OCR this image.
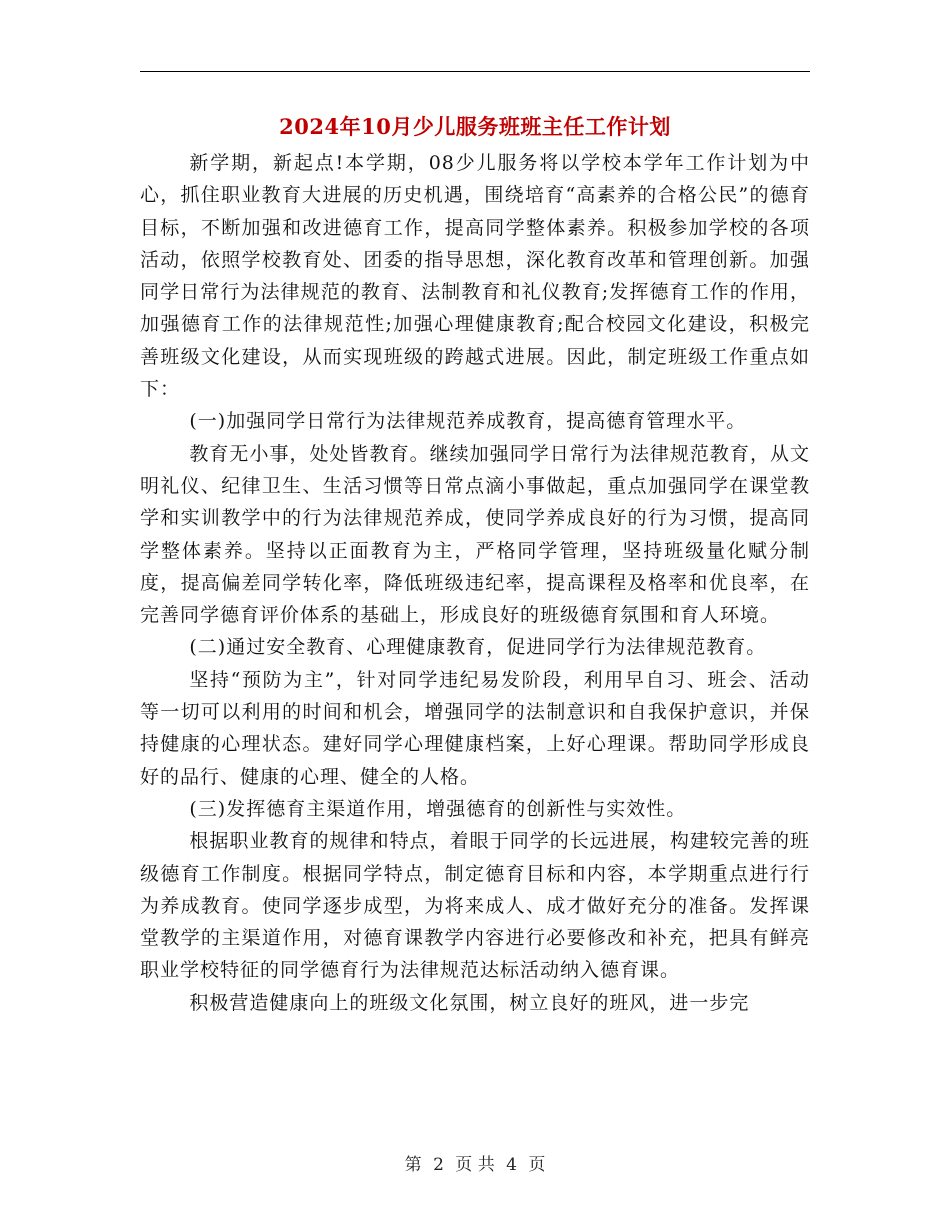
2024年10月少儿服务班班主任工作计划

新学期，新起点!本学期，08少儿服务将以学校本学年工作计划为中心，抓住职业教育大进展的历史机遇，围绕培育“高素养的合格公民”的德育目标，不断加强和改进德育工作，提高同学整体素养。积极参加学校的各项活动，依照学校教育处、团委的指导思想，深化教育改革和管理创新。加强同学日常行为法律规范的教育、法制教育和礼仪教育;发挥德育工作的作用，加强德育工作的法律规范性;加强心理健康教育;配合校园文化建设，积极完善班级文化建设，从而实现班级的跨越式进展。因此，制定班级工作重点如下：

(一)加强同学日常行为法律规范养成教育，提高德育管理水平。

教育无小事，处处皆教育。继续加强同学日常行为法律规范教育，从文明礼仪、纪律卫生、生活习惯等日常点滴小事做起，重点加强同学在课堂教学和实训教学中的行为法律规范养成，使同学养成良好的行为习惯，提高同学整体素养。坚持以正面教育为主，严格同学管理，坚持班级量化赋分制度，提高偏差同学转化率，降低班级违纪率，提高课程及格率和优良率，在完善同学德育评价体系的基础上，形成良好的班级德育氛围和育人环境。

(二)通过安全教育、心理健康教育，促进同学行为法律规范教育。

坚持“预防为主”，针对同学违纪易发阶段，利用早自习、班会、活动等一切可以利用的时间和机会，增强同学的法制意识和自我保护意识，并保持健康的心理状态。建好同学心理健康档案，上好心理课。帮助同学形成良好的品行、健康的心理、健全的人格。

(三)发挥德育主渠道作用，增强德育的创新性与实效性。

根据职业教育的规律和特点，着眼于同学的长远进展，构建较完善的班级德育工作制度。根据同学特点，制定德育目标和内容，本学期重点进行行为养成教育。使同学逐步成型，为将来成人、成才做好充分的准备。发挥课堂教学的主渠道作用，对德育课教学内容进行必要修改和补充，把具有鲜亮职业学校特征的同学德育行为法律规范达标活动纳入德育课。

积极营造健康向上的班级文化氛围，树立良好的班风，进一步完

第 2 页 共 4 页
